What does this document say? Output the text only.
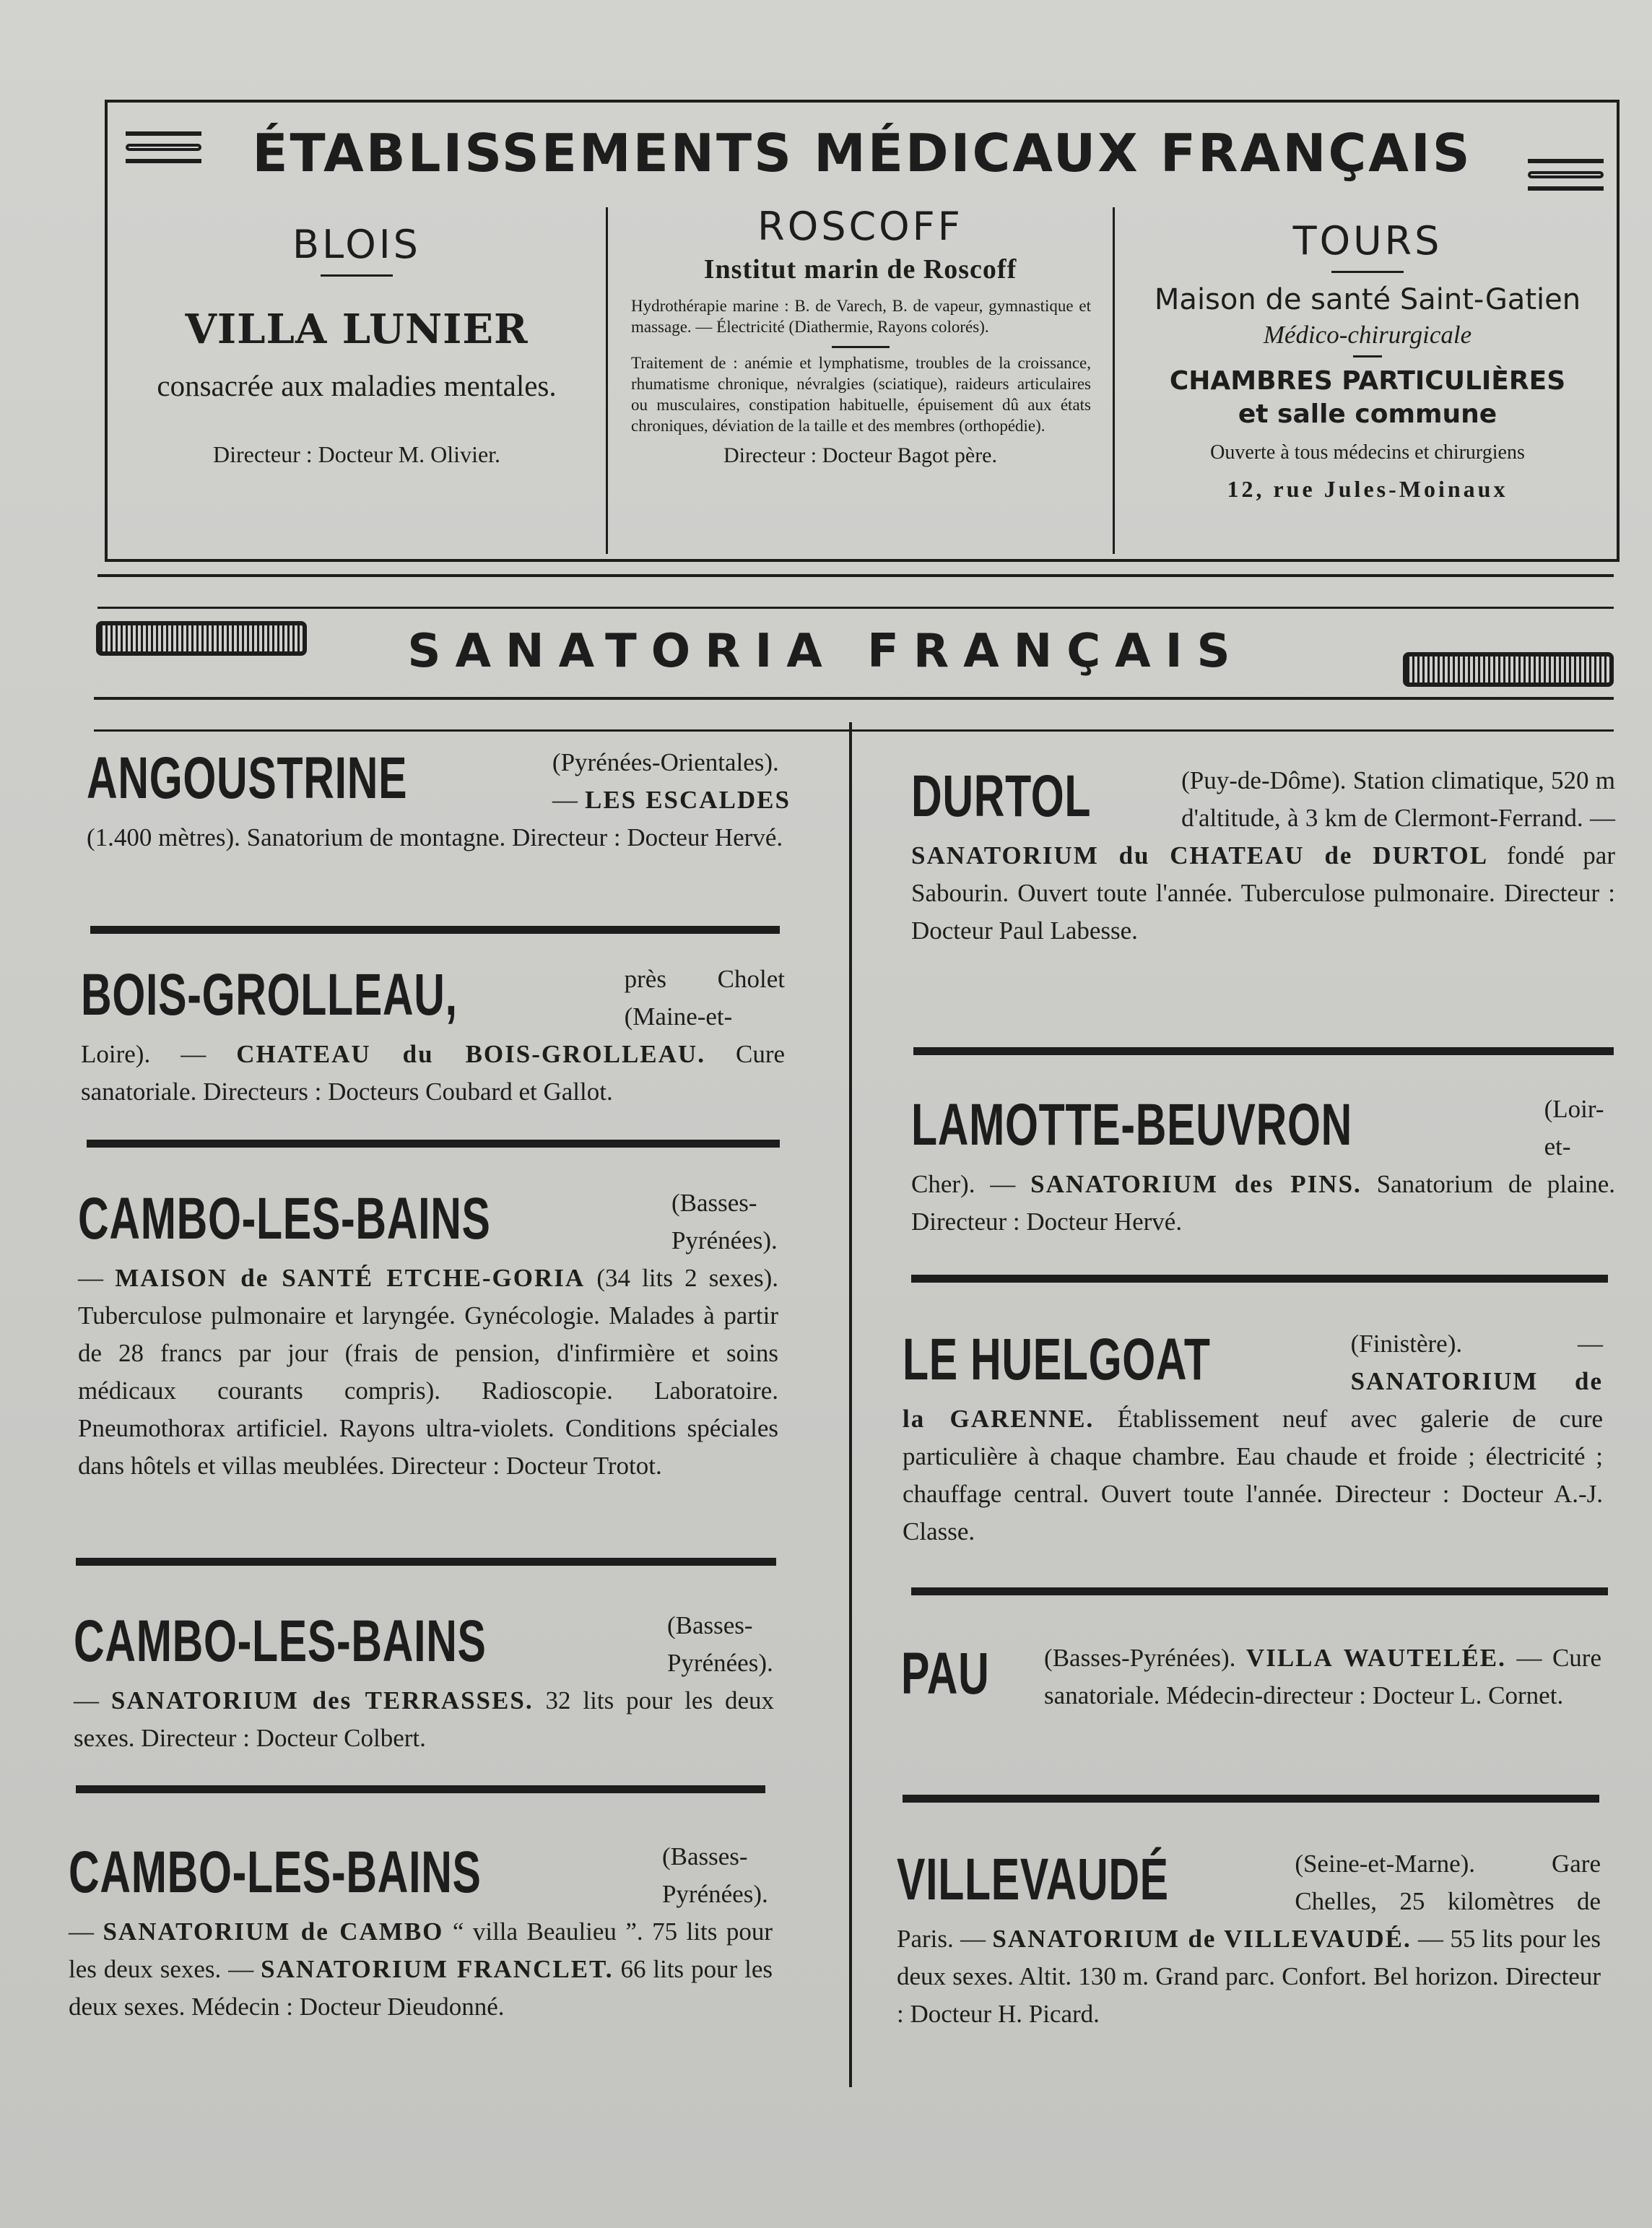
ÉTABLISSEMENTS MÉDICAUX FRANÇAIS
BLOIS
VILLA LUNIER
consacrée aux maladies mentales.
Directeur : Docteur M. Olivier.
ROSCOFF
Institut marin de Roscoff
Hydrothérapie marine : B. de Varech, B. de vapeur, gymnastique et massage. — Électricité (Diathermie, Rayons colorés).
Traitement de : anémie et lymphatisme, troubles de la croissance, rhumatisme chronique, névralgies (sciatique), raideurs articulaires ou musculaires, constipation habituelle, épuisement dû aux états chroniques, déviation de la taille et des membres (orthopédie).
Directeur : Docteur Bagot père.
TOURS
Maison de santé Saint-Gatien
Médico-chirurgicale
CHAMBRES PARTICULIÈRES
et salle commune
Ouverte à tous médecins et chirurgiens
12, rue Jules-Moinaux
SANATORIA FRANÇAIS
ANGOUSTRINE	(Pyrénées-Orientales). — LES ESCALDES (1.400 mètres). Sanatorium de montagne. Directeur : Docteur Hervé.
BOIS-GROLLEAU,	près Cholet (Maine-et-Loire). — CHATEAU du BOIS-GROLLEAU. Cure sanatoriale. Directeurs : Docteurs Coubard et Gallot.
CAMBO-LES-BAINS	(Basses-Pyrénées). — MAISON de SANTÉ ETCHE-GORIA (34 lits 2 sexes). Tuberculose pulmonaire et laryngée. Gynécologie. Malades à partir de 28 francs par jour (frais de pension, d'infirmière et soins médicaux courants compris). Radioscopie. Laboratoire. Pneumothorax artificiel. Rayons ultra-violets. Conditions spéciales dans hôtels et villas meublées. Directeur : Docteur Trotot.
CAMBO-LES-BAINS	(Basses-Pyrénées). — SANATORIUM des TERRASSES. 32 lits pour les deux sexes. Directeur : Docteur Colbert.
CAMBO-LES-BAINS	(Basses-Pyrénées). — SANATORIUM de CAMBO “ villa Beaulieu ”. 75 lits pour les deux sexes. — SANATORIUM FRANCLET. 66 lits pour les deux sexes. Médecin : Docteur Dieudonné.
DURTOL	(Puy-de-Dôme). Station climatique, 520 m d'altitude, à 3 km de Clermont-Ferrand. — SANATORIUM du CHATEAU de DURTOL fondé par Sabourin. Ouvert toute l'année. Tuberculose pulmonaire. Directeur : Docteur Paul Labesse.
LAMOTTE-BEUVRON	(Loir-et-Cher). — SANATORIUM des PINS. Sanatorium de plaine. Directeur : Docteur Hervé.
LE HUELGOAT	(Finistère). — SANATORIUM de la GARENNE. Établissement neuf avec galerie de cure particulière à chaque chambre. Eau chaude et froide ; électricité ; chauffage central. Ouvert toute l'année. Directeur : Docteur A.-J. Classe.
PAU (Basses-Pyrénées). VILLA WAUTELÉE. — Cure sanatoriale. Médecin-directeur : Docteur L. Cornet.
VILLEVAUDÉ	(Seine-et-Marne). Gare Chelles, 25 kilomètres de Paris. — SANATORIUM de VILLEVAUDÉ. — 55 lits pour les deux sexes. Altit. 130 m. Grand parc. Confort. Bel horizon. Directeur : Docteur H. Picard.
